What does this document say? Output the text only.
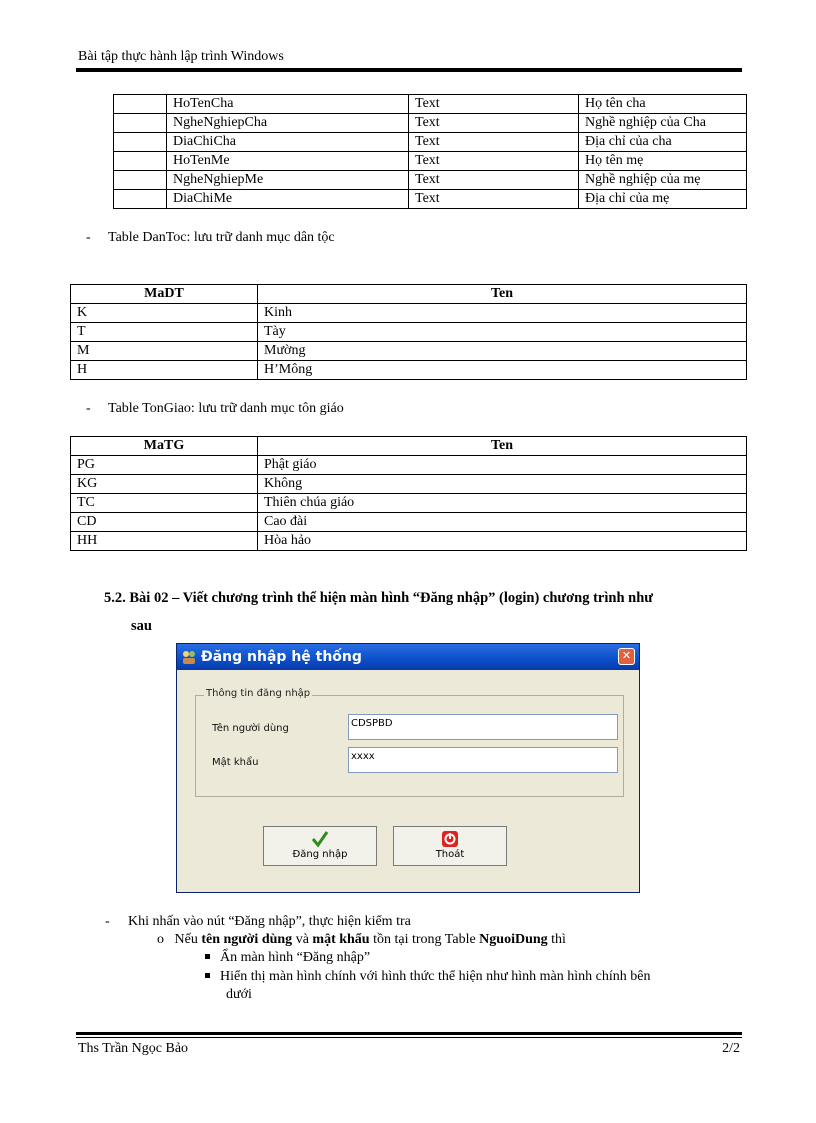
Bài tập thực hành lập trình Windows
	HoTenCha	Text	Họ tên cha
	NgheNghiepCha	Text	Nghề nghiệp của Cha
	DiaChiCha	Text	Địa chỉ của cha
	HoTenMe	Text	Họ tên mẹ
	NgheNghiepMe	Text	Nghề nghiệp của mẹ
	DiaChiMe	Text	Địa chỉ của mẹ
- Table DanToc: lưu trữ danh mục dân tộc
MaDT	Ten
K	Kinh
T	Tày
M	Mường
H	H’Mông
- Table TonGiao: lưu trữ danh mục tôn giáo
MaTG	Ten
PG	Phật giáo
KG	Không
TC	Thiên chúa giáo
CD	Cao đài
HH	Hòa hảo
5.2. Bài 02 – Viết chương trình thể hiện màn hình “Đăng nhập” (login) chương trình như
sau
Đăng nhập hệ thống	✕
Thông tin đăng nhập
Tên người dùng	CDSPBD
Mật khẩu
xxxx
Đăng nhập	Thoát
- Khi nhấn vào nút “Đăng nhập”, thực hiện kiểm tra
o Nếu tên người dùng và mật khẩu tồn tại trong Table NguoiDung thì
Ẩn màn hình “Đăng nhập”
Hiển thị màn hình chính với hình thức thể hiện như hình màn hình chính bên
dưới
Ths Trần Ngọc Bảo	2/2
